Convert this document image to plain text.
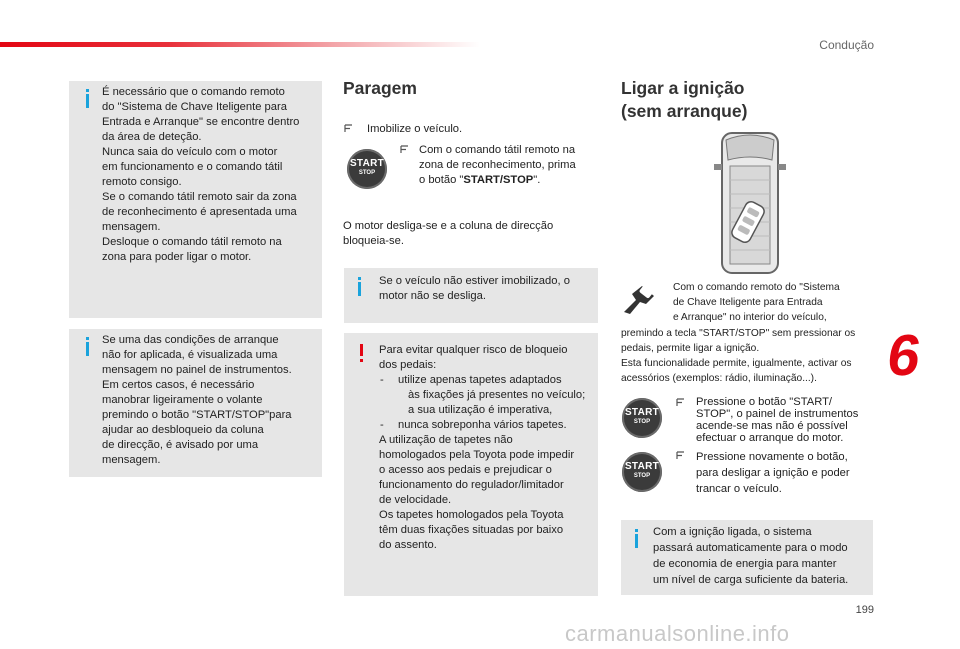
Condução
6
199
carmanualsonline.info
É necessário que o comando remoto
do "Sistema de Chave Iteligente para
Entrada e Arranque" se encontre dentro
da área de deteção.
Nunca saia do veículo com o motor
em funcionamento e o comando tátil
remoto consigo.
Se o comando tátil remoto sair da zona
de reconhecimento é apresentada uma
mensagem.
Desloque o comando tátil remoto na
zona para poder ligar o motor.
Se uma das condições de arranque
não for aplicada, é visualizada uma
mensagem no painel de instrumentos.
Em certos casos, é necessário
manobrar ligeiramente o volante
premindo o botão "START/STOP"para
ajudar ao desbloqueio da coluna
de direcção, é avisado por uma
mensagem.
Paragem
Imobilize o veículo.
START
STOP
Com o comando tátil remoto na
zona de reconhecimento, prima
o botão "START/STOP".
O motor desliga-se e a coluna de direcção
bloqueia-se.
Se o veículo não estiver imobilizado, o
motor não se desliga.
Para evitar qualquer risco de bloqueio
dos pedais:
- utilize apenas tapetes adaptados
às fixações já presentes no veículo;
a sua utilização é imperativa,
-	nunca sobreponha vários tapetes.
A utilização de tapetes não
homologados pela Toyota pode impedir
o acesso aos pedais e prejudicar o
funcionamento do regulador/limitador
de velocidade.
Os tapetes homologados pela Toyota
têm duas fixações situadas por baixo
do assento.
Ligar a ignição
(sem arranque)
Com o comando remoto do "Sistema
de Chave Iteligente para Entrada
e Arranque" no interior do veículo,
premindo a tecla "START/STOP" sem pressionar os
pedais, permite ligar a ignição.
Esta funcionalidade permite, igualmente, activar os
acessórios (exemplos: rádio, iluminação...).
START
STOP
Pressione o botão "START/
STOP", o painel de instrumentos
acende-se mas não é possível
efectuar o arranque do motor.
START
STOP
Pressione novamente o botão,
para desligar a ignição e poder
trancar o veículo.
Com a ignição ligada, o sistema
passará automaticamente para o modo
de economia de energia para manter
um nível de carga suficiente da bateria.
